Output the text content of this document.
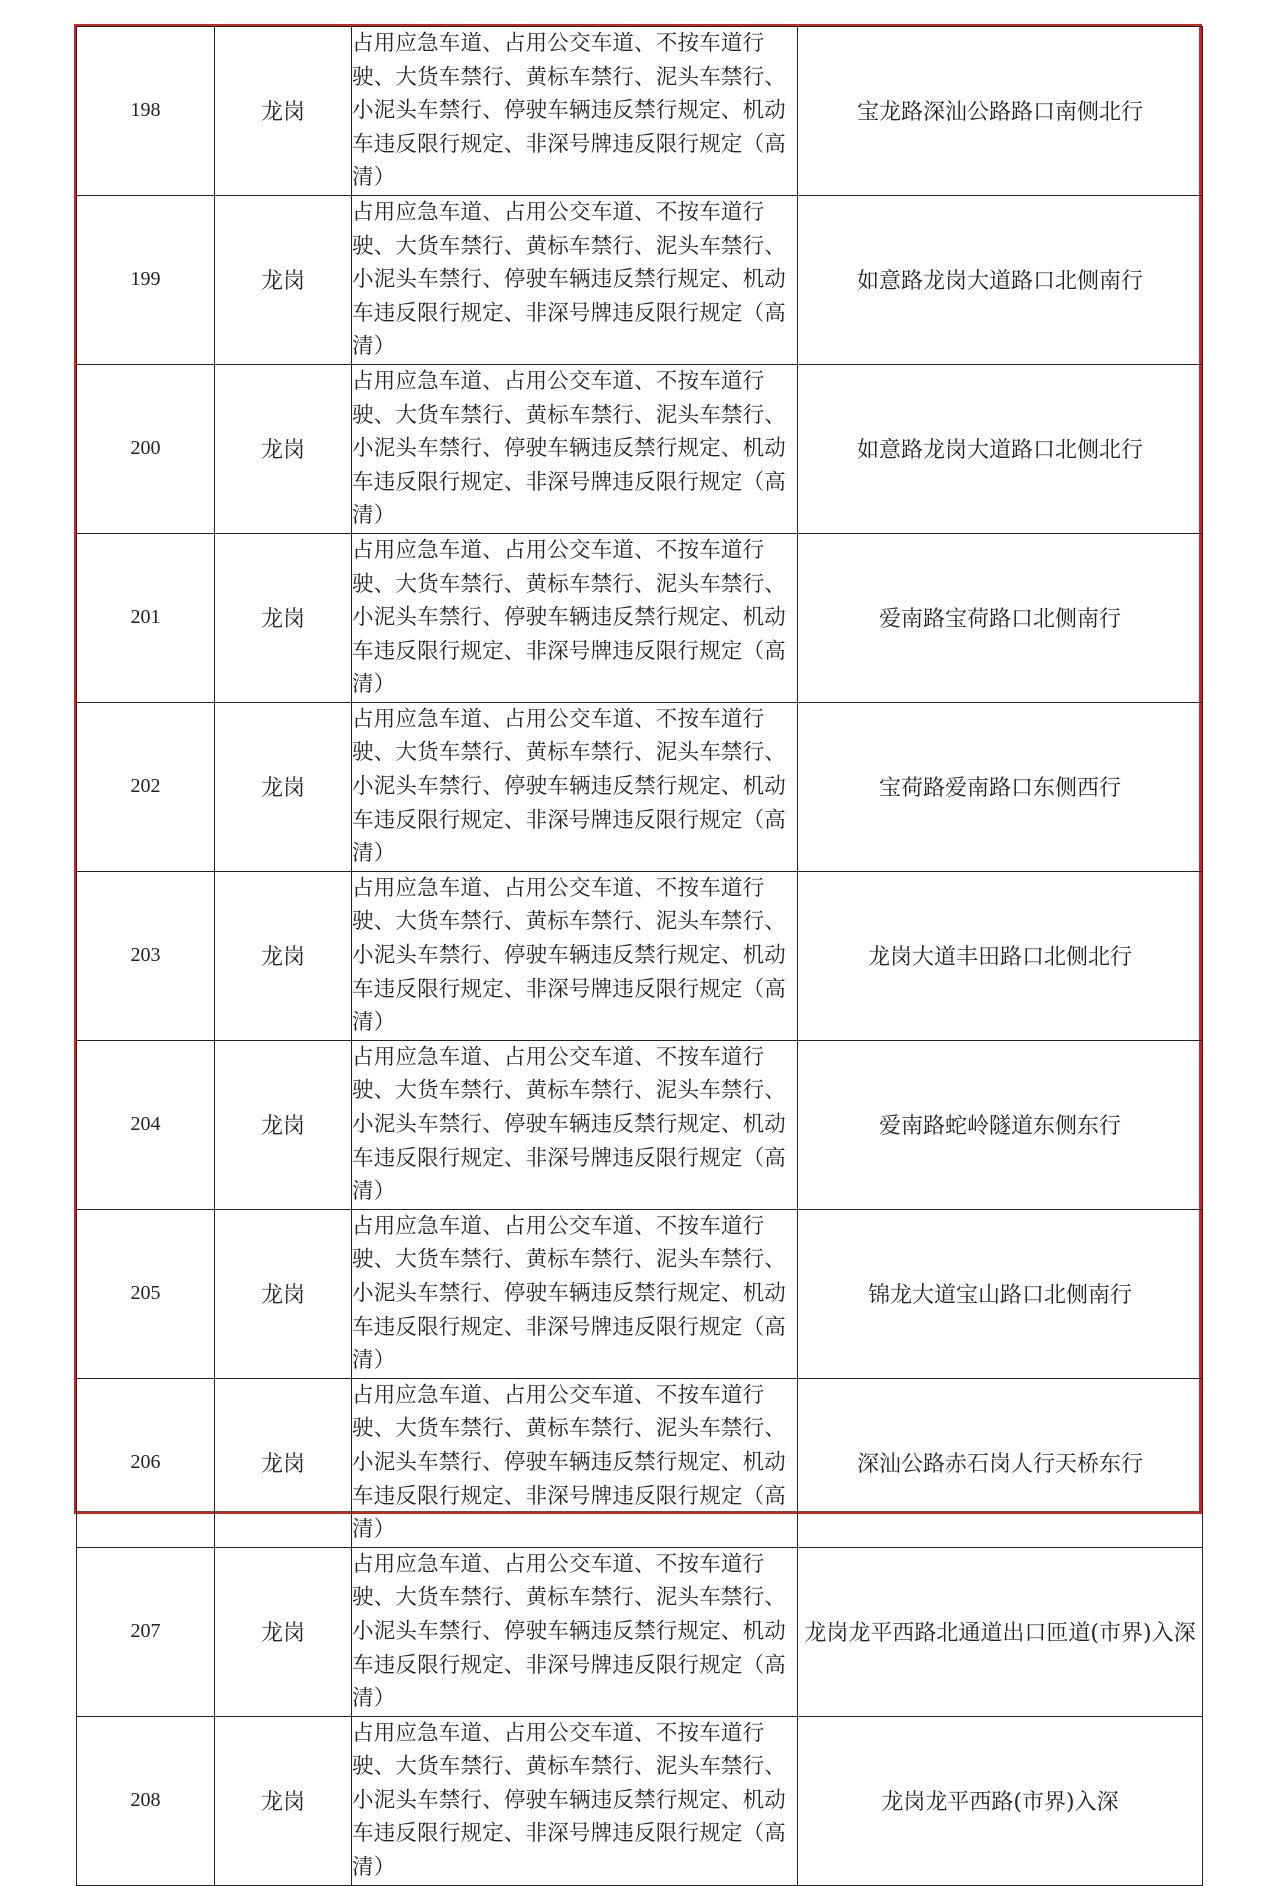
198	龙岗	占用应急车道、占用公交车道、不按车道行驶、大货车禁行、黄标车禁行、泥头车禁行、小泥头车禁行、停驶车辆违反禁行规定、机动车违反限行规定、非深号牌违反限行规定（高清）	宝龙路深汕公路路口南侧北行
199	龙岗	占用应急车道、占用公交车道、不按车道行驶、大货车禁行、黄标车禁行、泥头车禁行、小泥头车禁行、停驶车辆违反禁行规定、机动车违反限行规定、非深号牌违反限行规定（高清）	如意路龙岗大道路口北侧南行
200	龙岗	占用应急车道、占用公交车道、不按车道行驶、大货车禁行、黄标车禁行、泥头车禁行、小泥头车禁行、停驶车辆违反禁行规定、机动车违反限行规定、非深号牌违反限行规定（高清）	如意路龙岗大道路口北侧北行
201	龙岗	占用应急车道、占用公交车道、不按车道行驶、大货车禁行、黄标车禁行、泥头车禁行、小泥头车禁行、停驶车辆违反禁行规定、机动车违反限行规定、非深号牌违反限行规定（高清）	爱南路宝荷路口北侧南行
202	龙岗	占用应急车道、占用公交车道、不按车道行驶、大货车禁行、黄标车禁行、泥头车禁行、小泥头车禁行、停驶车辆违反禁行规定、机动车违反限行规定、非深号牌违反限行规定（高清）	宝荷路爱南路口东侧西行
203	龙岗	占用应急车道、占用公交车道、不按车道行驶、大货车禁行、黄标车禁行、泥头车禁行、小泥头车禁行、停驶车辆违反禁行规定、机动车违反限行规定、非深号牌违反限行规定（高清）	龙岗大道丰田路口北侧北行
204	龙岗	占用应急车道、占用公交车道、不按车道行驶、大货车禁行、黄标车禁行、泥头车禁行、小泥头车禁行、停驶车辆违反禁行规定、机动车违反限行规定、非深号牌违反限行规定（高清）	爱南路蛇岭隧道东侧东行
205	龙岗	占用应急车道、占用公交车道、不按车道行驶、大货车禁行、黄标车禁行、泥头车禁行、小泥头车禁行、停驶车辆违反禁行规定、机动车违反限行规定、非深号牌违反限行规定（高清）	锦龙大道宝山路口北侧南行
206	龙岗	占用应急车道、占用公交车道、不按车道行驶、大货车禁行、黄标车禁行、泥头车禁行、小泥头车禁行、停驶车辆违反禁行规定、机动车违反限行规定、非深号牌违反限行规定（高清）	深汕公路赤石岗人行天桥东行
207	龙岗	占用应急车道、占用公交车道、不按车道行驶、大货车禁行、黄标车禁行、泥头车禁行、小泥头车禁行、停驶车辆违反禁行规定、机动车违反限行规定、非深号牌违反限行规定（高清）	龙岗龙平西路北通道出口匝道(市界)入深
208	龙岗	占用应急车道、占用公交车道、不按车道行驶、大货车禁行、黄标车禁行、泥头车禁行、小泥头车禁行、停驶车辆违反禁行规定、机动车违反限行规定、非深号牌违反限行规定（高清）	龙岗龙平西路(市界)入深
